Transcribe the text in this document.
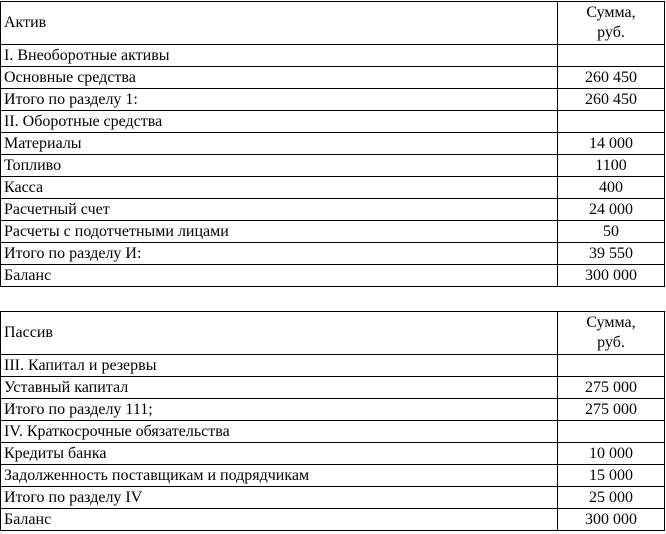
Актив	Сумма,
руб.
I. Внеоборотные активы	
Основные средства	260 450
Итого по разделу 1:	260 450
II. Оборотные средства	
Материалы	14 000
Топливо	1100
Касса	400
Расчетный счет	24 000
Расчеты с подотчетными лицами	50
Итого по разделу И:	39 550
Баланс	300 000
Пассив	Сумма,
руб.
III. Капитал и резервы	
Уставный капитал	275 000
Итого по разделу 111;	275 000
IV. Краткосрочные обязательства	
Кредиты банка	10 000
Задолженность поставщикам и подрядчикам	15 000
Итого по разделу IV	25 000
Баланс	300 000
